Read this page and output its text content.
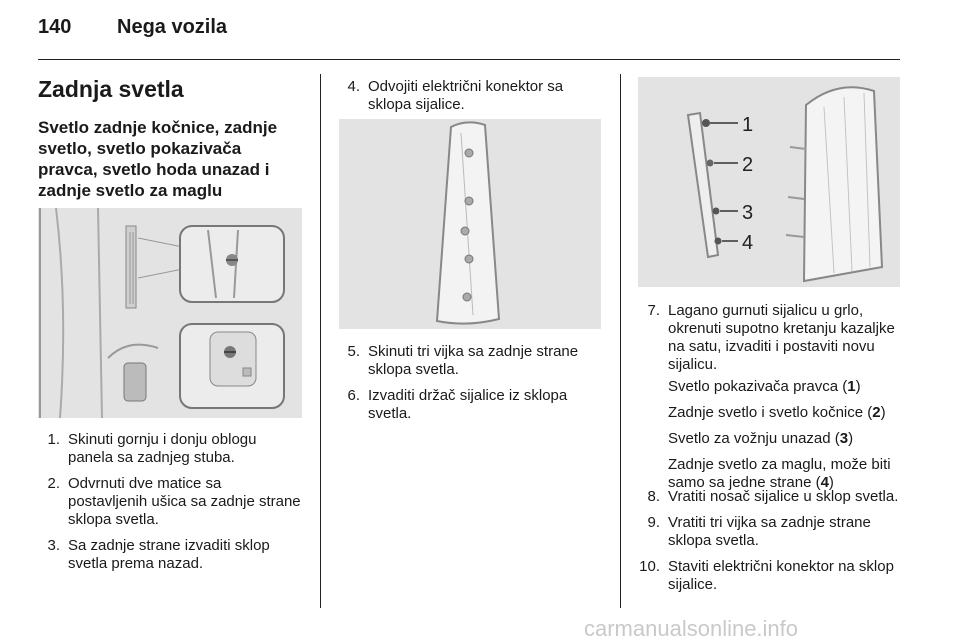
140 Nega vozila
Zadnja svetla
Svetlo zadnje kočnice, zadnje svetlo, svetlo pokazivača pravca, svetlo hoda unazad i zadnje svetlo za maglu
1. Skinuti gornju i donju oblogu panela sa zadnjeg stuba.
2. Odvrnuti dve matice sa postavljenih ušica sa zadnje strane sklopa svetla.
3. Sa zadnje strane izvaditi sklop svetla prema nazad.
4. Odvojiti električni konektor sa sklopa sijalice.
5. Skinuti tri vijka sa zadnje strane sklopa svetla.
6. Izvaditi držač sijalice iz sklopa svetla.
1
2
3
4
7. Lagano gurnuti sijalicu u grlo, okrenuti supotno kretanju kazaljke na satu, izvaditi i postaviti novu sijalicu.
Svetlo pokazivača pravca (1)
Zadnje svetlo i svetlo kočnice (2)
Svetlo za vožnju unazad (3)
Zadnje svetlo za maglu, može biti samo sa jedne strane (4)
8. Vratiti nosač sijalice u sklop svetla.
9. Vratiti tri vijka sa zadnje strane sklopa svetla.
10. Staviti električni konektor na sklop sijalice.
carmanualsonline.info
